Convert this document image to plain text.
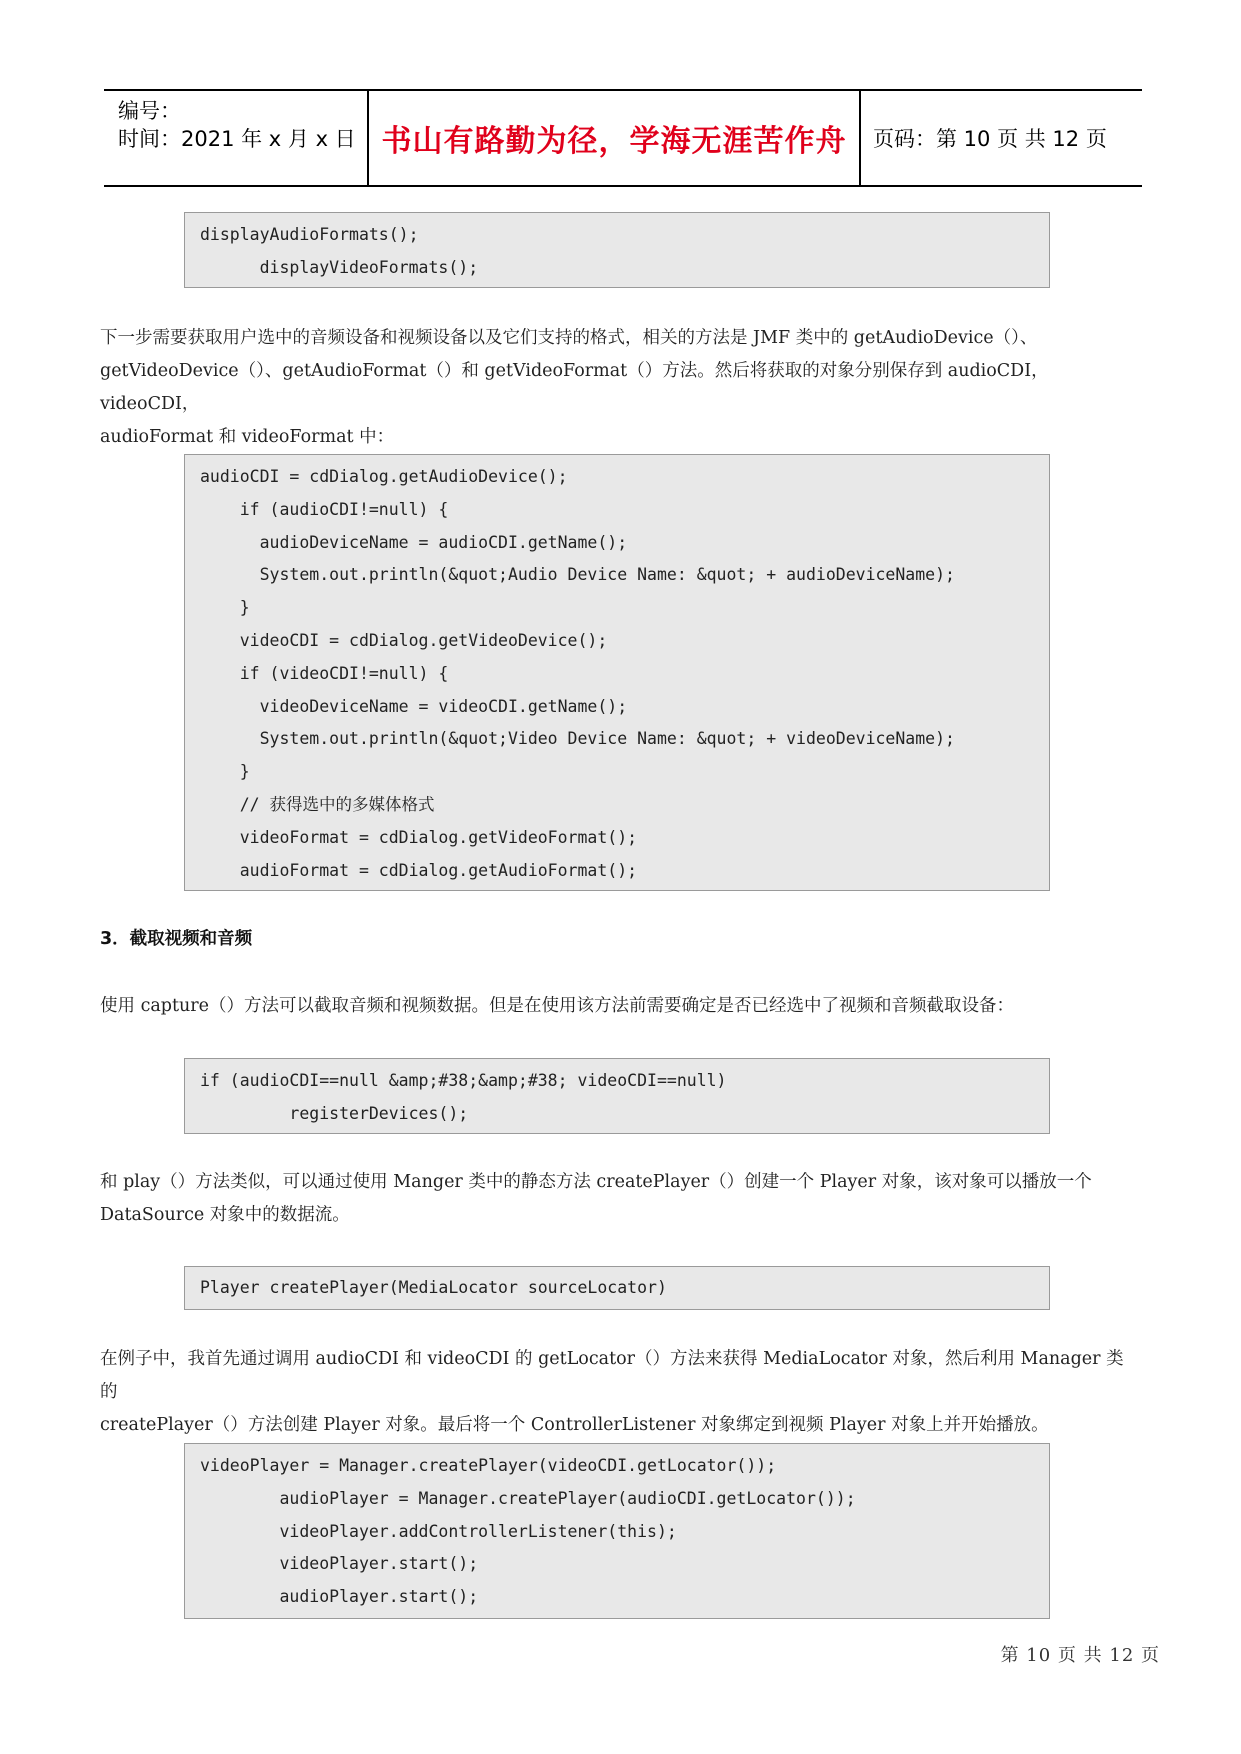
编号：
时间：2021 年 x 月 x 日 书山有路勤为径，学海无涯苦作舟	页码：第 10 页 共 12 页
displayAudioFormats();
displayVideoFormats();
下一步需要获取用户选中的音频设备和视频设备以及它们支持的格式，相关的方法是 JMF 类中的 getAudioDevice（）、
getVideoDevice（）、getAudioFormat（）和 getVideoFormat（）方法。然后将获取的对象分别保存到 audioCDI，videoCDI，
audioFormat 和 videoFormat 中：
audioCDI = cdDialog.getAudioDevice();
if (audioCDI!=null) {
audioDeviceName = audioCDI.getName();
System.out.println(&quot;Audio Device Name: &quot; + audioDeviceName);
}
videoCDI = cdDialog.getVideoDevice();
if (videoCDI!=null) {
videoDeviceName = videoCDI.getName();
System.out.println(&quot;Video Device Name: &quot; + videoDeviceName);
}
// 获得选中的多媒体格式
videoFormat = cdDialog.getVideoFormat();
audioFormat = cdDialog.getAudioFormat();
3．截取视频和音频
使用 capture（）方法可以截取音频和视频数据。但是在使用该方法前需要确定是否已经选中了视频和音频截取设备：
if (audioCDI==null &amp;#38;&amp;#38; videoCDI==null)
registerDevices();
和 play（）方法类似，可以通过使用 Manger 类中的静态方法 createPlayer（）创建一个 Player 对象，该对象可以播放一个
DataSource 对象中的数据流。
Player createPlayer(MediaLocator sourceLocator)
在例子中，我首先通过调用 audioCDI 和 videoCDI 的 getLocator（）方法来获得 MediaLocator 对象，然后利用 Manager 类的
createPlayer（）方法创建 Player 对象。最后将一个 ControllerListener 对象绑定到视频 Player 对象上并开始播放。
videoPlayer = Manager.createPlayer(videoCDI.getLocator());
audioPlayer = Manager.createPlayer(audioCDI.getLocator());
videoPlayer.addControllerListener(this);
videoPlayer.start();
audioPlayer.start();
第 10 页 共 12 页
